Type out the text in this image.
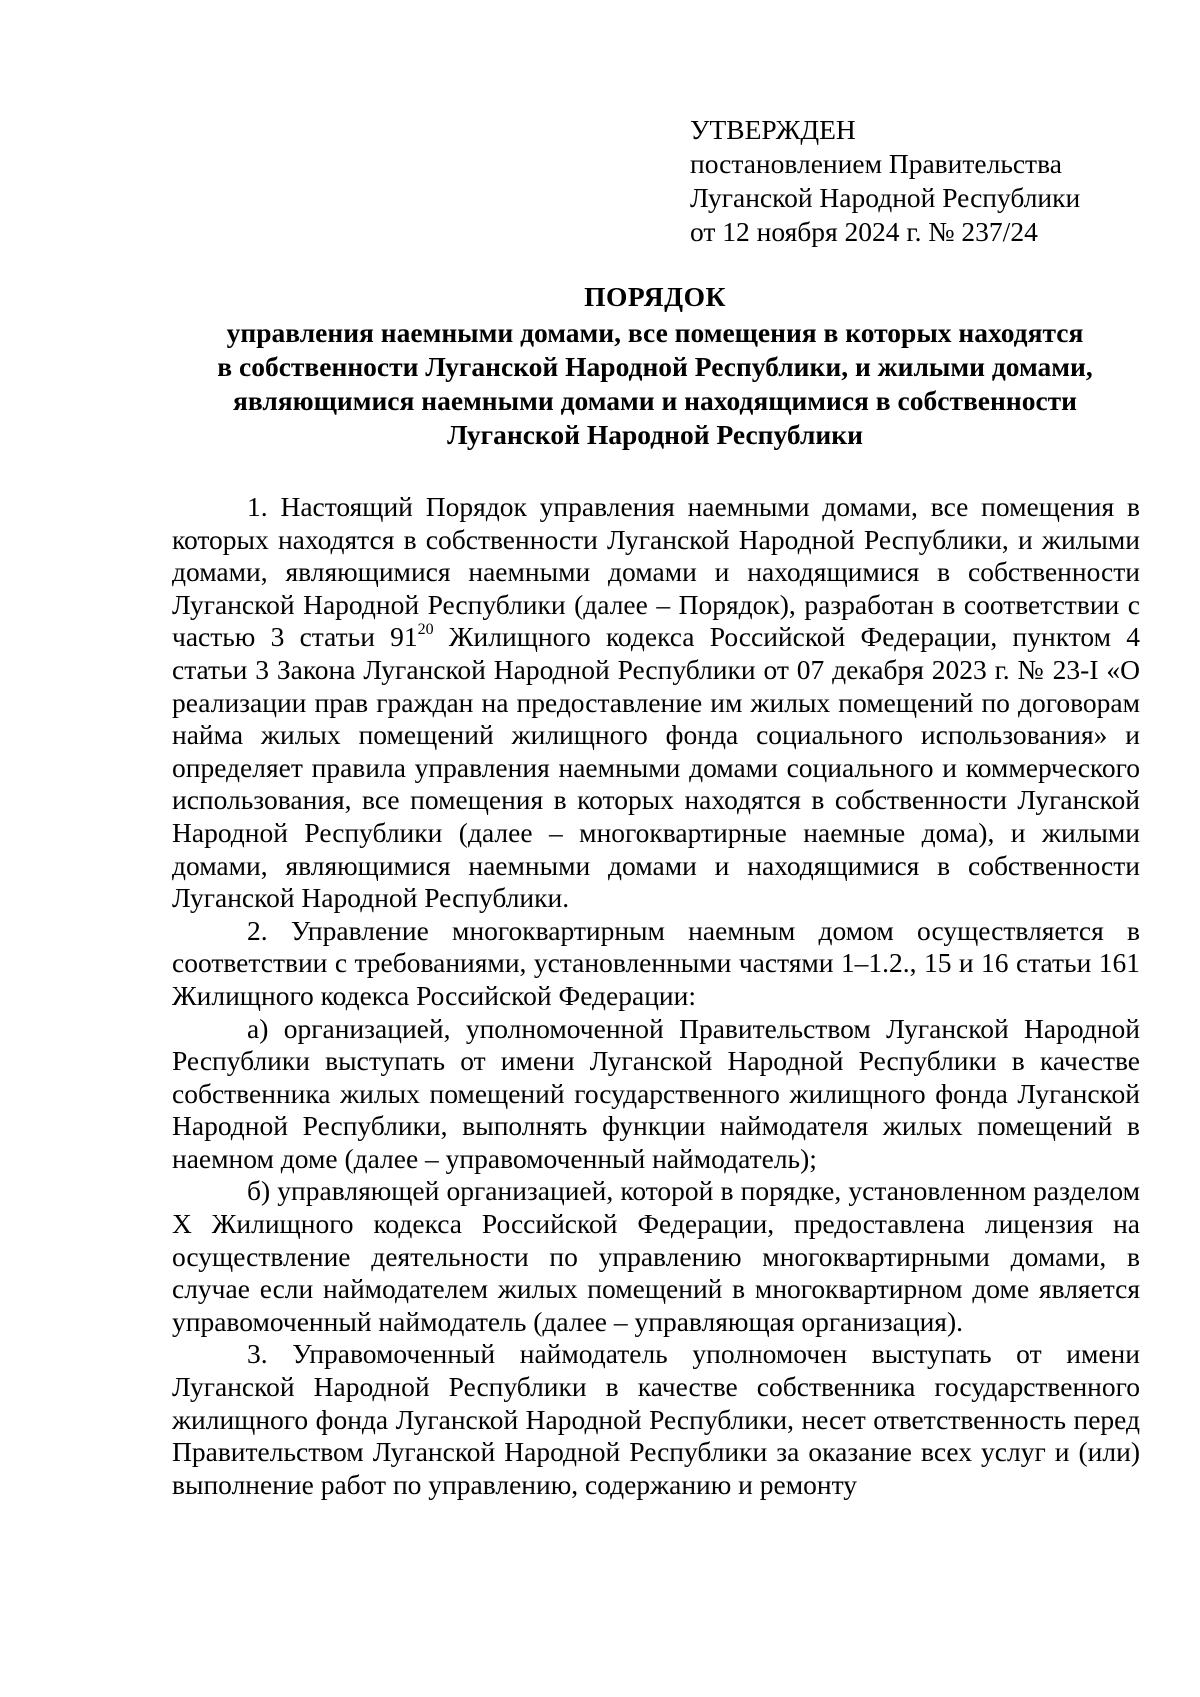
УТВЕРЖДЕН
постановлением Правительства
Луганской Народной Республики
от 12 ноября 2024 г. № 237/24
ПОРЯДОК
управления наемными домами, все помещения в которых находятся
в собственности Луганской Народной Республики, и жилыми домами,
являющимися наемными домами и находящимися в собственности
Луганской Народной Республики

1. Настоящий Порядок управления наемными домами, все помещения в которых находятся в собственности Луганской Народной Республики, и жилыми домами, являющимися наемными домами и находящимися в собственности Луганской Народной Республики (далее – Порядок), разработан в соответствии с частью 3 статьи $91^{20}$ Жилищного кодекса Российской Федерации, пунктом 4 статьи 3 Закона Луганской Народной Республики от 07 декабря 2023 г. № 23-I «О реализации прав граждан на предоставление им жилых помещений по договорам найма жилых помещений жилищного фонда социального использования» и определяет правила управления наемными домами социального и коммерческого использования, все помещения в которых находятся в собственности Луганской Народной Республики (далее – многоквартирные наемные дома), и жилыми домами, являющимися наемными домами и находящимися в собственности Луганской Народной Республики.

2. Управление многоквартирным наемным домом осуществляется в соответствии с требованиями, установленными частями 1–1.2., 15 и 16 статьи 161 Жилищного кодекса Российской Федерации:

а) организацией, уполномоченной Правительством Луганской Народной Республики выступать от имени Луганской Народной Республики в качестве собственника жилых помещений государственного жилищного фонда Луганской Народной Республики, выполнять функции наймодателя жилых помещений в наемном доме (далее – управомоченный наймодатель);

б) управляющей организацией, которой в порядке, установленном разделом X Жилищного кодекса Российской Федерации, предоставлена лицензия на осуществление деятельности по управлению многоквартирными домами, в случае если наймодателем жилых помещений в многоквартирном доме является управомоченный наймодатель (далее – управляющая организация).

3. Управомоченный наймодатель уполномочен выступать от имени Луганской Народной Республики в качестве собственника государственного жилищного фонда Луганской Народной Республики, несет ответственность перед Правительством Луганской Народной Республики за оказание всех услуг и (или) выполнение работ по управлению, содержанию и ремонту
